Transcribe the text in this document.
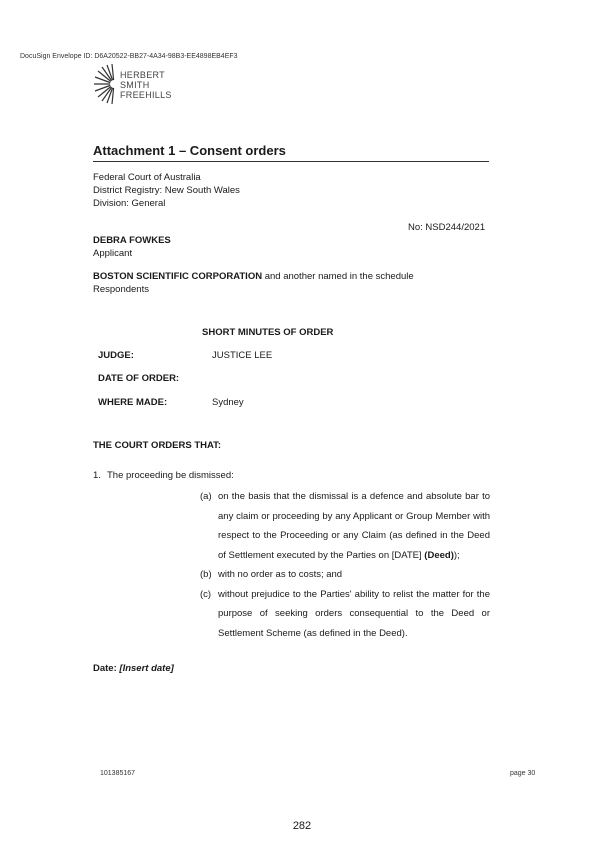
DocuSign Envelope ID: D6A20522-BB27-4A34-98B3-EE4898EB4EF3
HERBERT
SMITH
FREEHILLS
Attachment 1 – Consent orders
Federal Court of Australia
District Registry: New South Wales
Division: General
No: NSD244/2021
DEBRA FOWKES
Applicant
BOSTON SCIENTIFIC CORPORATION and another named in the schedule
Respondents
SHORT MINUTES OF ORDER
JUDGE:	JUSTICE LEE
DATE OF ORDER:
WHERE MADE:	Sydney
THE COURT ORDERS THAT:
1. The proceeding be dismissed:
(a) on the basis that the dismissal is a defence and absolute bar to any claim or proceeding by any Applicant or Group Member with respect to the Proceeding or any Claim (as defined in the Deed of Settlement executed by the Parties on [DATE] (Deed));
(b) with no order as to costs; and
(c) without prejudice to the Parties' ability to relist the matter for the purpose of seeking orders consequential to the Deed or Settlement Scheme (as defined in the Deed).
Date: [Insert date]
101385167	page 30
282
